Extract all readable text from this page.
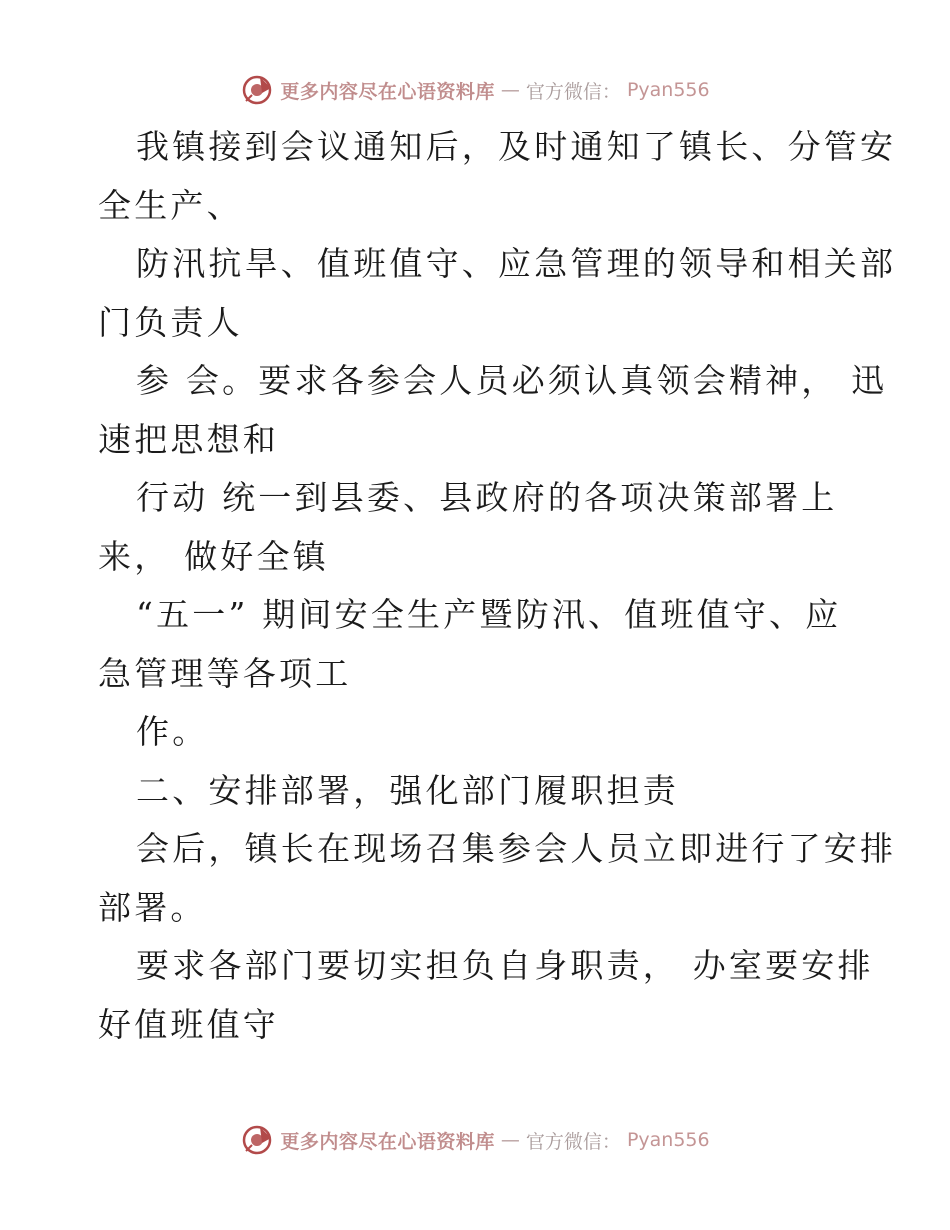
更多内容尽在心语资料库 — 官方微信： Pyan556
我镇接到会议通知后，及时通知了镇长、分管安
全生产、
防汛抗旱、值班值守、应急管理的领导和相关部
门负责人
参 会。要求各参会人员必须认真领会精神， 迅
速把思想和
行动 统一到县委、县政府的各项决策部署上
来， 做好全镇
“五一” 期间安全生产暨防汛、值班值守、应
急管理等各项工
作。
二、安排部署，强化部门履职担责
会后，镇长在现场召集参会人员立即进行了安排
部署。
要求各部门要切实担负自身职责， 办室要安排
好值班值守
更多内容尽在心语资料库 — 官方微信： Pyan556
